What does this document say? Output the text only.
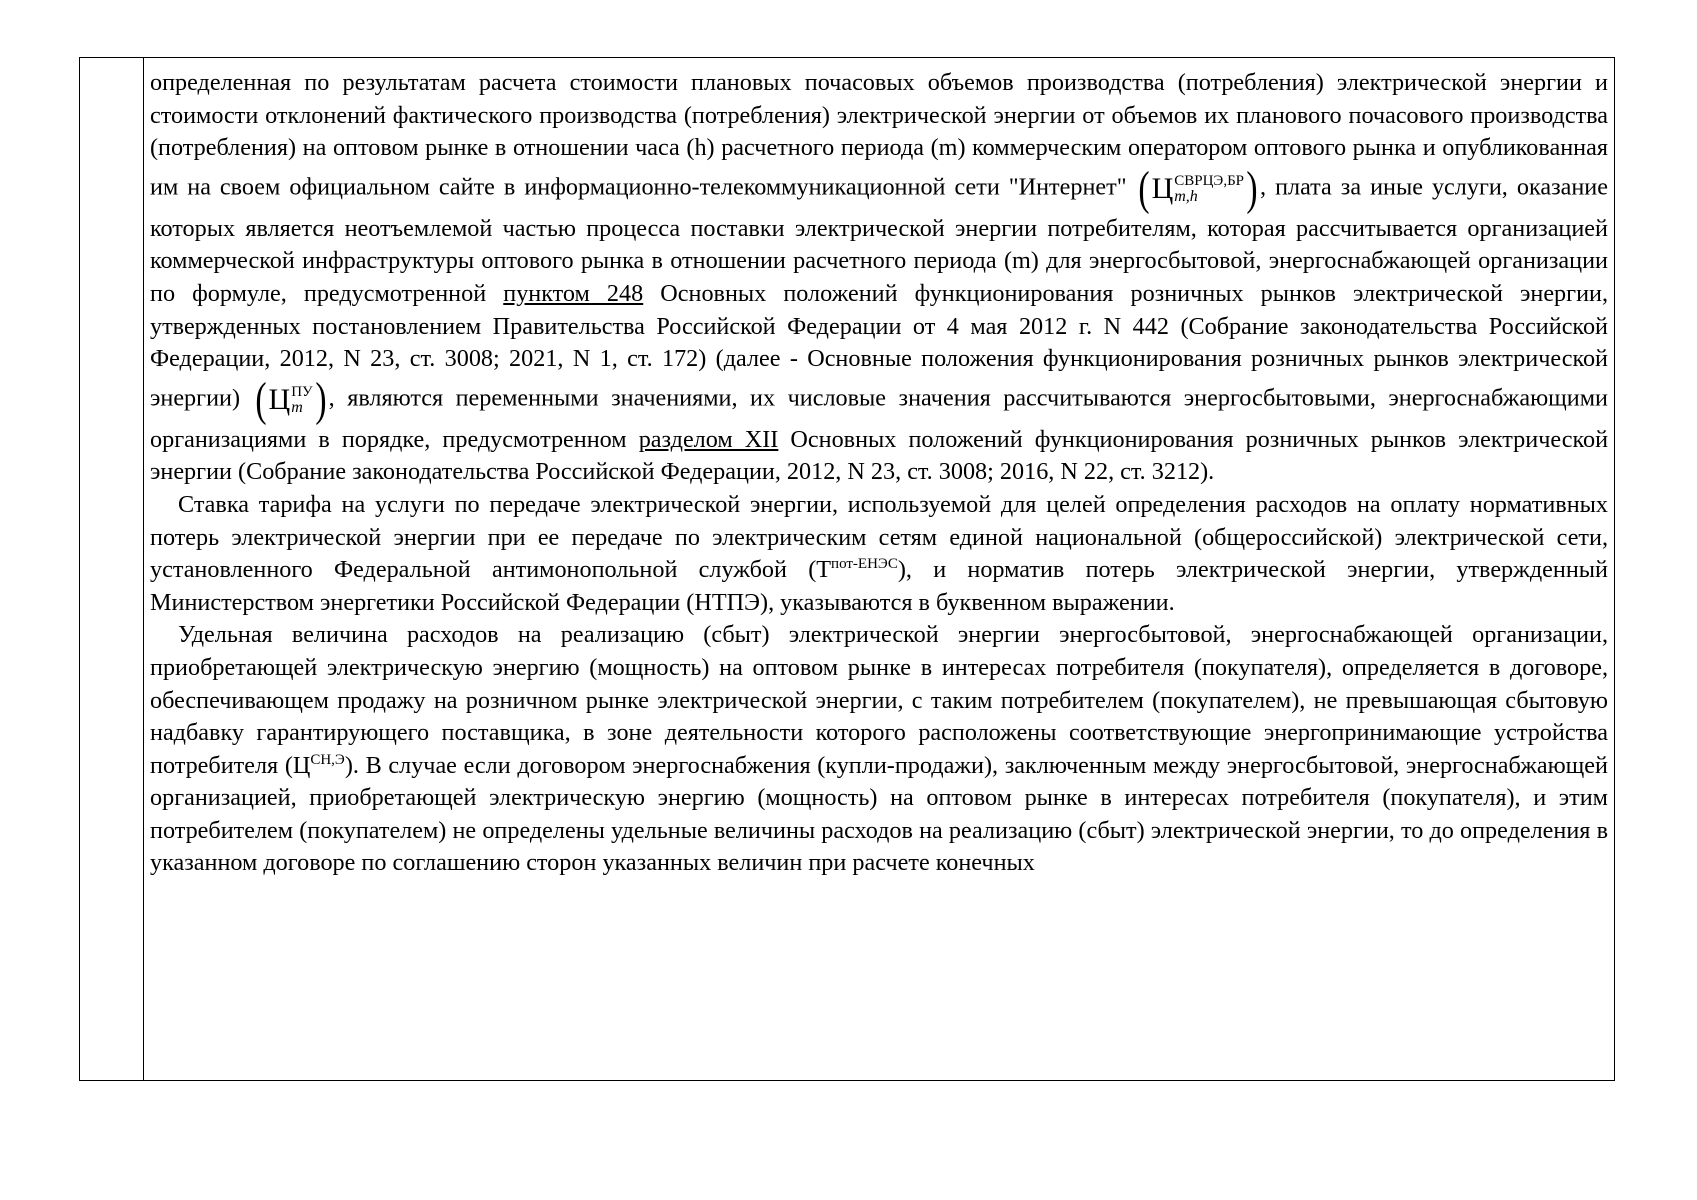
определенная по результатам расчета стоимости плановых почасовых объемов производства (потребления) электрической энергии и стоимости отклонений фактического производства (потребления) электрической энергии от объемов их планового почасового производства (потребления) на оптовом рынке в отношении часа (h) расчетного периода (m) коммерческим оператором оптового рынка и опубликованная им на своем официальном сайте в информационно-телекоммуникационной сети "Интернет" ( Ц СВРЦЭ,БР
m,h	) , плата за иные услуги, оказание которых является неотъемлемой частью процесса поставки электрической энергии потребителям, которая рассчитывается организацией коммерческой инфраструктуры оптового рынка в отношении расчетного периода (m) для энергосбытовой, энергоснабжающей организации по формуле, предусмотренной пунктом 248 Основных положений функционирования розничных рынков электрической энергии, утвержденных постановлением Правительства Российской Федерации от 4 мая 2012 г. N 442 (Собрание законодательства Российской Федерации, 2012, N 23, ст. 3008; 2021, N 1, ст. 172) (далее - Основные положения функционирования розничных рынков электрической энергии) ( Ц ПУ
m ) , являются переменными значениями, их числовые значения рассчитываются энергосбытовыми, энергоснабжающими организациями в порядке, предусмотренном разделом XII Основных положений функционирования розничных рынков электрической энергии (Собрание законодательства Российской Федерации, 2012, N 23, ст. 3008; 2016, N 22, ст. 3212).

Ставка тарифа на услуги по передаче электрической энергии, используемой для целей определения расходов на оплату нормативных потерь электрической энергии при ее передаче по электрическим сетям единой национальной (общероссийской) электрической сети, установленного Федеральной антимонопольной службой $(Т^{пот-ЕНЭС})$, и норматив потерь электрической энергии, утвержденный Министерством энергетики Российской Федерации (НТПЭ), указываются в буквенном выражении.

Удельная величина расходов на реализацию (сбыт) электрической энергии энергосбытовой, энергоснабжающей организации, приобретающей электрическую энергию (мощность) на оптовом рынке в интересах потребителя (покупателя), определяется в договоре, обеспечивающем продажу на розничном рынке электрической энергии, с таким потребителем (покупателем), не превышающая сбытовую надбавку гарантирующего поставщика, в зоне деятельности которого расположены соответствующие энергопринимающие устройства потребителя $(Ц^{СН,Э})$. В случае если договором энергоснабжения (купли-продажи), заключенным между энергосбытовой, энергоснабжающей организацией, приобретающей электрическую энергию (мощность) на оптовом рынке в интересах потребителя (покупателя), и этим потребителем (покупателем) не определены удельные величины расходов на реализацию (сбыт) электрической энергии, то до определения в указанном договоре по соглашению сторон указанных величин при расчете конечных
